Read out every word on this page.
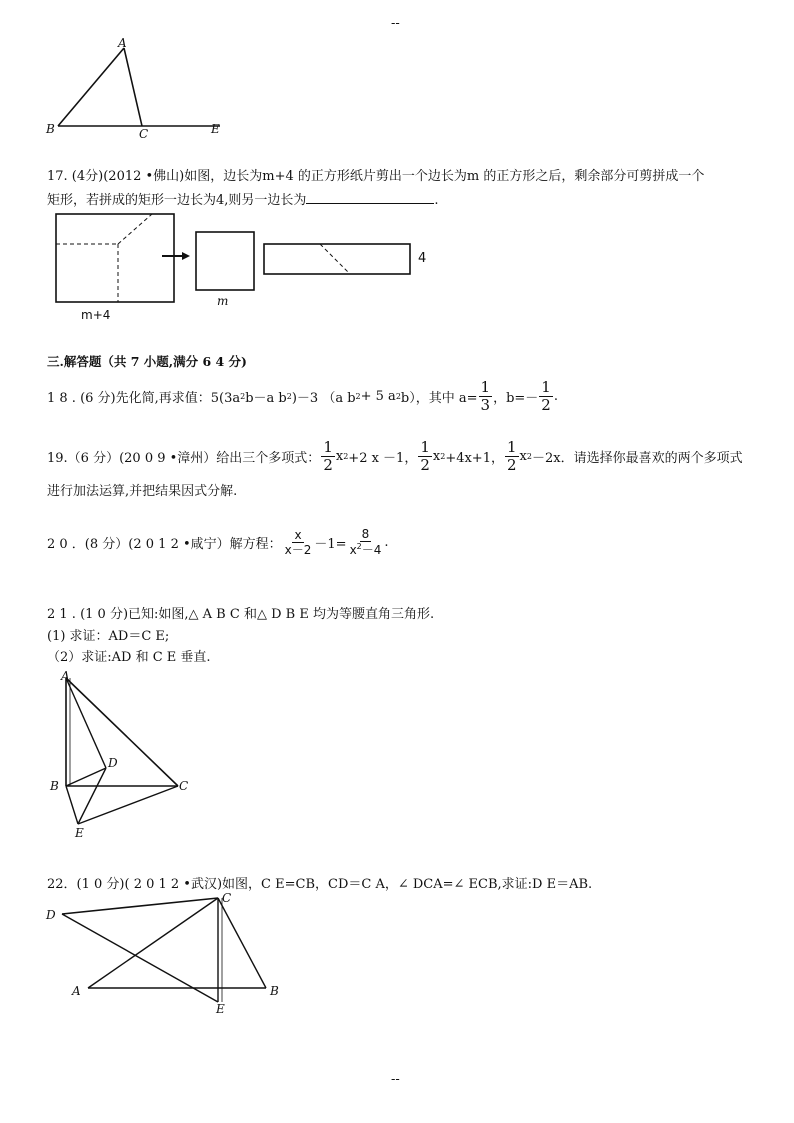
--
--
A
B	C	E
17. (4分)(2012 •佛山)如图，边长为m+4 的正方形纸片剪出一个边长为m 的正方形之后，剩余部分可剪拼成一个
矩形，若拼成的矩形一边长为4,则另一边长为	.
m+4
m
4
三.解答题（共 7 小题,满分 6 4 分)
1 8 . (6 分)先化简,再求值：5(3a 2 b－a b 2 )－3 （a b 2 + 5 a 2 b），其中 $a= \frac{1}{3}$ ，$b=- \frac{1}{2}$ .
19.（6 分）(20 0 9 •漳州）给出三个多项式： $\frac{1}{2}$ x 2 +2 x －1， $\frac{1}{2}$ x 2 +4x+1， $\frac{1}{2}$ x 2 －2x．请选择你最喜欢的两个多项式
进行加法运算,并把结果因式分解.
2 0 ．(8 分）(2 0 1 2 •咸宁）解方程： $\frac{x}{x-2} -1= \frac{8}{x^2-4}$ .
2 1 . (1 0 分)已知:如图,△ A B C 和△ D B E 均为等腰直角三角形.
(1) 求证：AD＝C E;
（2）求证:AD 和 C E 垂直.
A
B	C
D
E
22．(1 0 分)( 2 0 1 2 •武汉)如图，C E=CB，CD＝C A，∠ DCA=∠ ECB,求证:D E＝AB.
D
C
A	B
E
